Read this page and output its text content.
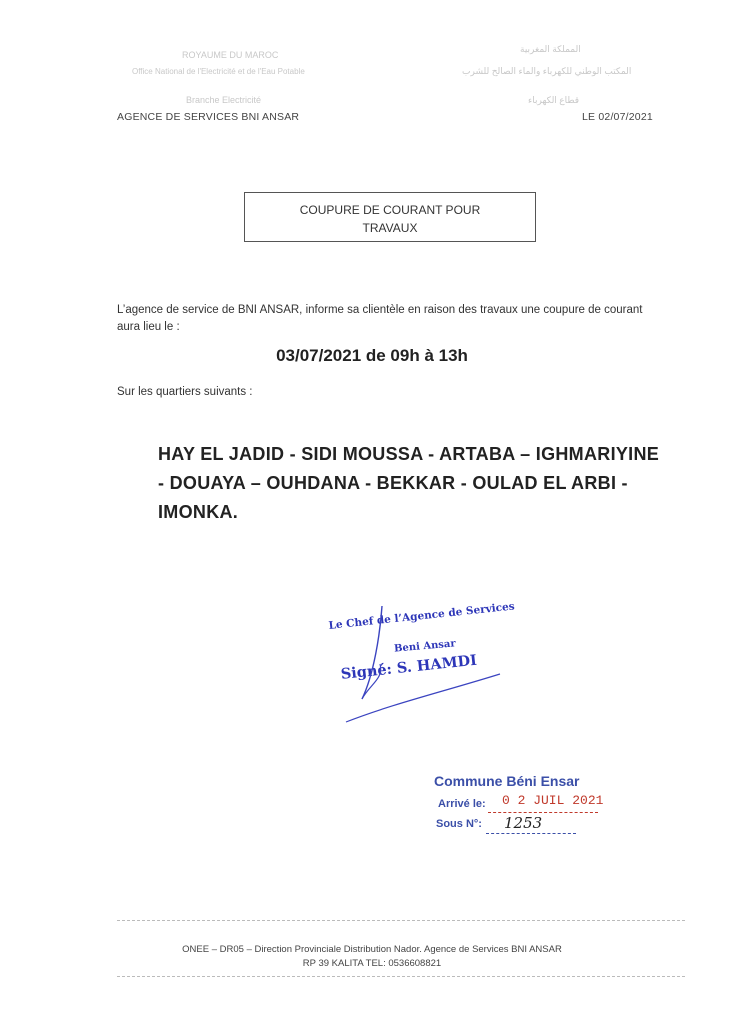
ROYAUME DU MAROC
Office National de l'Electricité et de l'Eau Potable
Branche Electricité
المملكة المغربية
المكتب الوطني للكهرباء والماء الصالح للشرب
قطاع الكهرباء
AGENCE DE SERVICES BNI ANSAR	LE 02/07/2021
COUPURE DE COURANT POUR
TRAVAUX
L’agence de service de BNI ANSAR, informe sa clientèle en raison des travaux une coupure de courant
aura lieu le :
03/07/2021 de 09h à 13h
Sur les quartiers suivants :
HAY EL JADID - SIDI MOUSSA - ARTABA – IGHMARIYINE
- DOUAYA – OUHDANA - BEKKAR - OULAD EL ARBI -
IMONKA.
Le Chef de l’Agence de Services
Beni Ansar
Signé: S. HAMDI
Commune Béni Ensar
Arrivé le: 0 2 JUIL 2021
Sous N°: 1253
ONEE – DR05 – Direction Provinciale Distribution Nador. Agence de Services BNI ANSAR
RP 39 KALITA TEL: 0536608821
